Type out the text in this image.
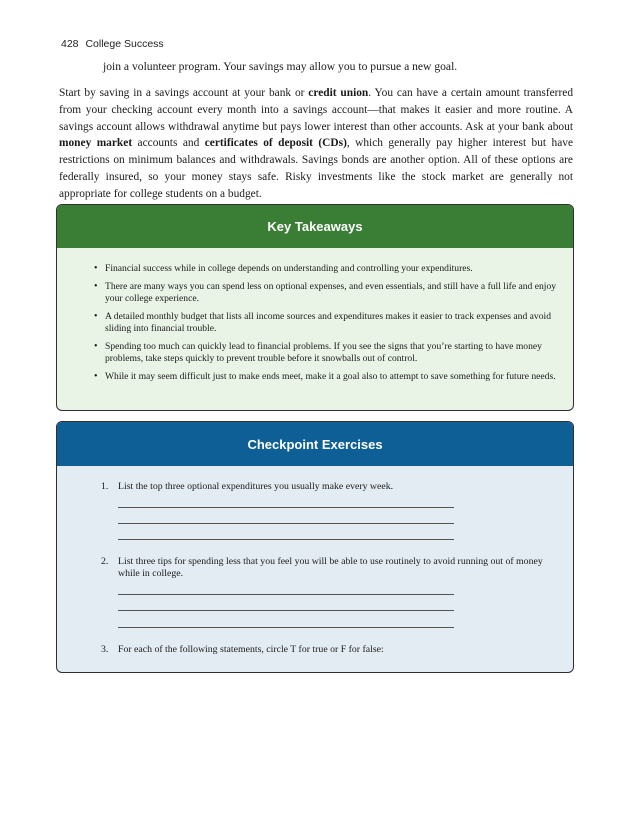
428 College Success
join a volunteer program. Your savings may allow you to pursue a new goal.
Start by saving in a savings account at your bank or credit union. You can have a certain amount transferred from your checking account every month into a savings account—that makes it easier and more routine. A savings account allows withdrawal anytime but pays lower interest than other accounts. Ask at your bank about money market accounts and certificates of deposit (CDs), which generally pay higher interest but have restrictions on minimum balances and withdrawals. Savings bonds are another option. All of these options are federally insured, so your money stays safe. Risky investments like the stock market are generally not appropriate for college students on a budget.
Key Takeaways
• Financial success while in college depends on understanding and controlling your expenditures.
• There are many ways you can spend less on optional expenses, and even essentials, and still have a full life and enjoy your college experience.
• A detailed monthly budget that lists all income sources and expenditures makes it easier to track expenses and avoid sliding into financial trouble.
• Spending too much can quickly lead to financial problems. If you see the signs that you’re starting to have money problems, take steps quickly to prevent trouble before it snowballs out of control.
• While it may seem difficult just to make ends meet, make it a goal also to attempt to save something for future needs.
Checkpoint Exercises
1. List the top three optional expenditures you usually make every week.
2. List three tips for spending less that you feel you will be able to use routinely to avoid running out of money while in college.
3. For each of the following statements, circle T for true or F for false:
